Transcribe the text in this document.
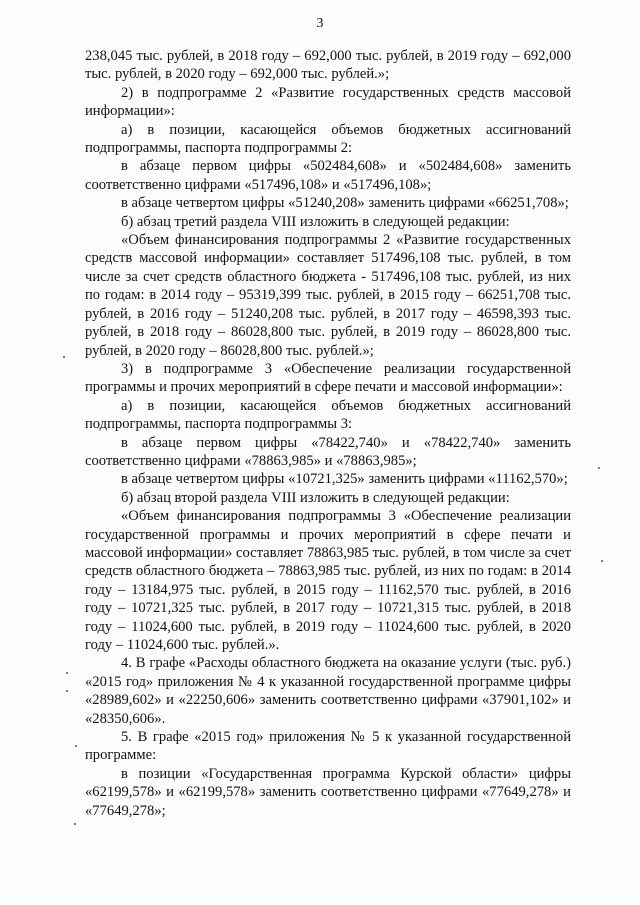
3

238,045 тыс. рублей, в 2018 году – 692,000 тыс. рублей, в 2019 году – 692,000 тыс. рублей, в 2020 году – 692,000 тыс. рублей.»;

2) в подпрограмме 2 «Развитие государственных средств массовой информации»:

а) в позиции, касающейся объемов бюджетных ассигнований подпрограммы, паспорта подпрограммы 2:

в абзаце первом цифры «502484,608» и «502484,608» заменить соответственно цифрами «517496,108» и «517496,108»;

в абзаце четвертом цифры «51240,208» заменить цифрами «66251,708»;

б) абзац третий раздела VIII изложить в следующей редакции:

«Объем финансирования подпрограммы 2 «Развитие государственных средств массовой информации» составляет 517496,108 тыс. рублей, в том числе за счет средств областного бюджета - 517496,108 тыс. рублей, из них по годам: в 2014 году – 95319,399 тыс. рублей, в 2015 году – 66251,708 тыс. рублей, в 2016 году – 51240,208 тыс. рублей, в 2017 году – 46598,393 тыс. рублей, в 2018 году – 86028,800 тыс. рублей, в 2019 году – 86028,800 тыс. рублей, в 2020 году – 86028,800 тыс. рублей.»;

3) в подпрограмме 3 «Обеспечение реализации государственной программы и прочих мероприятий в сфере печати и массовой информации»:

а) в позиции, касающейся объемов бюджетных ассигнований подпрограммы, паспорта подпрограммы 3:

в абзаце первом цифры «78422,740» и «78422,740» заменить соответственно цифрами «78863,985» и «78863,985»;

в абзаце четвертом цифры «10721,325» заменить цифрами «11162,570»;

б) абзац второй раздела VIII изложить в следующей редакции:

«Объем финансирования подпрограммы 3 «Обеспечение реализации государственной программы и прочих мероприятий в сфере печати и массовой информации» составляет 78863,985 тыс. рублей, в том числе за счет средств областного бюджета – 78863,985 тыс. рублей, из них по годам: в 2014 году – 13184,975 тыс. рублей, в 2015 году – 11162,570 тыс. рублей, в 2016 году – 10721,325 тыс. рублей, в 2017 году – 10721,315 тыс. рублей, в 2018 году – 11024,600 тыс. рублей, в 2019 году – 11024,600 тыс. рублей, в 2020 году – 11024,600 тыс. рублей.».

4. В графе «Расходы областного бюджета на оказание услуги (тыс. руб.) «2015 год» приложения № 4 к указанной государственной программе цифры «28989,602» и «22250,606» заменить соответственно цифрами «37901,102» и «28350,606».

5. В графе «2015 год» приложения № 5 к указанной государственной программе:

в позиции «Государственная программа Курской области» цифры «62199,578» и «62199,578» заменить соответственно цифрами «77649,278» и «77649,278»;
